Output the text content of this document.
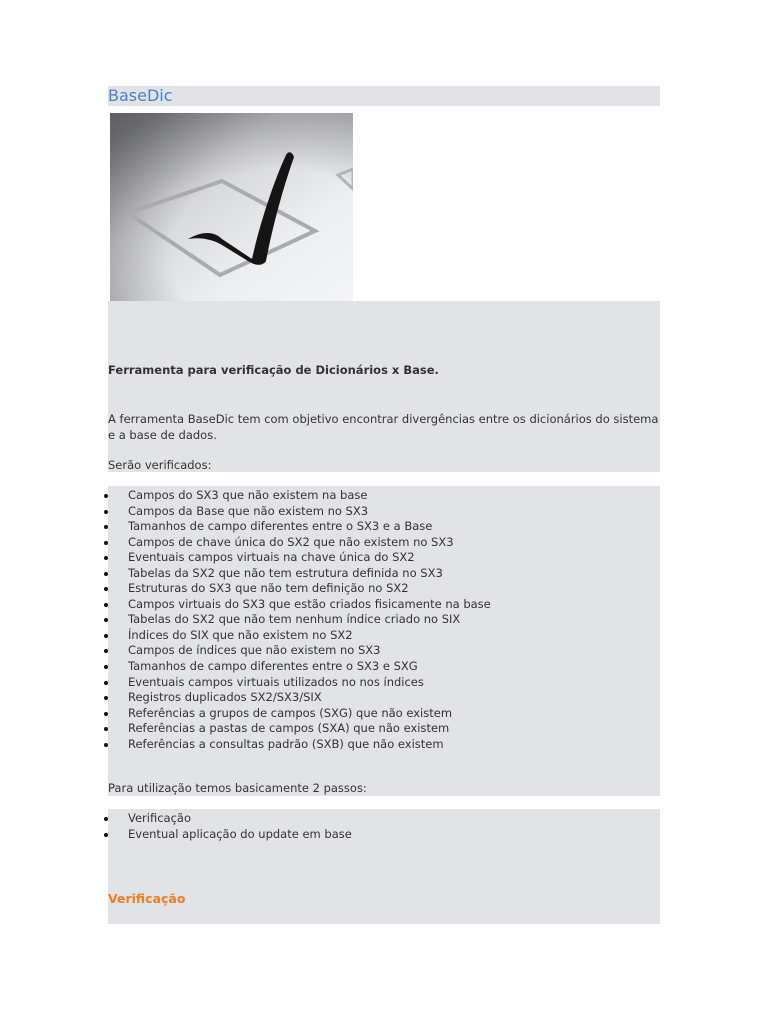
BaseDic
Ferramenta para verificação de Dicionários x Base.
A ferramenta BaseDic tem com objetivo encontrar divergências entre os dicionários do sistema e a base de dados.
Serão verificados:
Campos do SX3 que não existem na base
Campos da Base que não existem no SX3
Tamanhos de campo diferentes entre o SX3 e a Base
Campos de chave única do SX2 que não existem no SX3
Eventuais campos virtuais na chave única do SX2
Tabelas da SX2 que não tem estrutura definida no SX3
Estruturas do SX3 que não tem definição no SX2
Campos virtuais do SX3 que estão criados fisicamente na base
Tabelas do SX2 que não tem nenhum índice criado no SIX
Índices do SIX que não existem no SX2
Campos de índices que não existem no SX3
Tamanhos de campo diferentes entre o SX3 e SXG
Eventuais campos virtuais utilizados no nos índices
Registros duplicados SX2/SX3/SIX
Referências a grupos de campos (SXG) que não existem
Referências a pastas de campos (SXA) que não existem
Referências a consultas padrão (SXB) que não existem
Para utilização temos basicamente 2 passos:
Verificação
Eventual aplicação do update em base
Verificação
